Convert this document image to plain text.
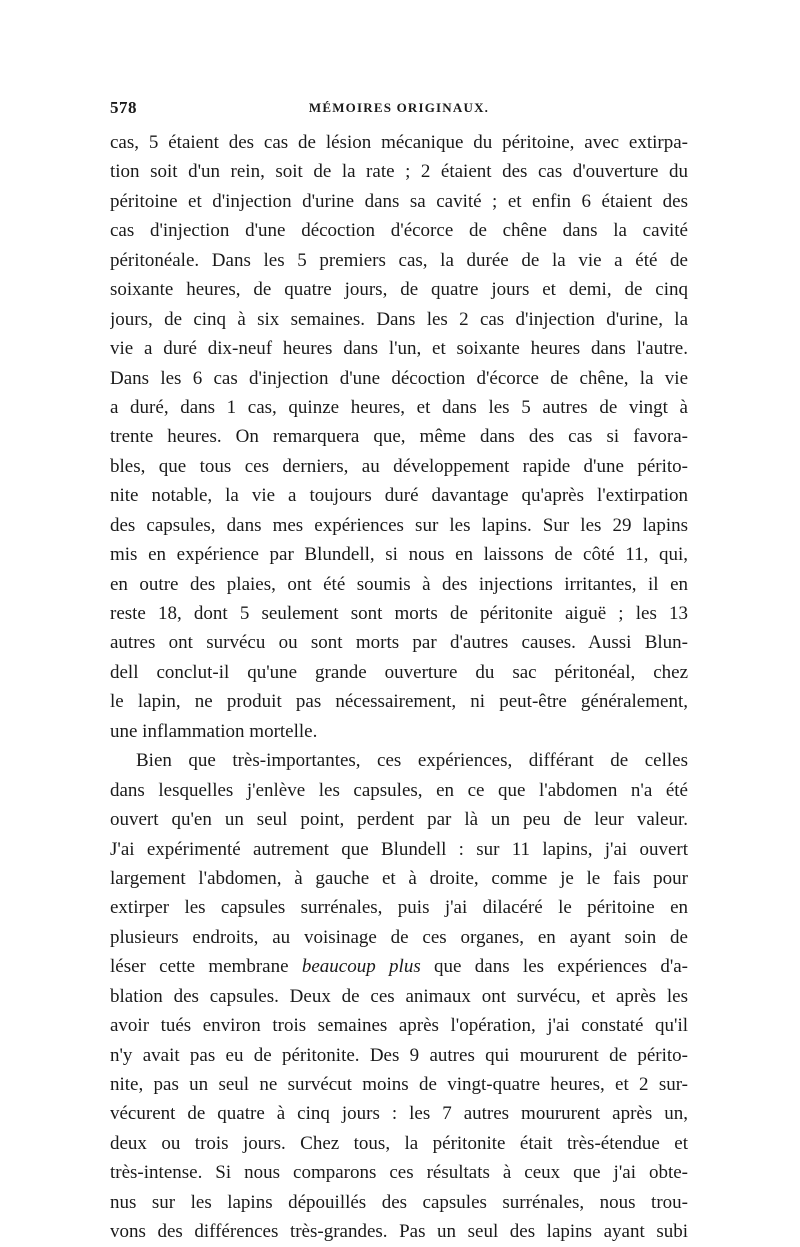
578	MÉMOIRES ORIGINAUX.
cas, 5 étaient des cas de lésion mécanique du péritoine, avec extirpa-
tion soit d'un rein, soit de la rate ; 2 étaient des cas d'ouverture du
péritoine et d'injection d'urine dans sa cavité ; et enfin 6 étaient des
cas d'injection d'une décoction d'écorce de chêne dans la cavité
péritonéale. Dans les 5 premiers cas, la durée de la vie a été de
soixante heures, de quatre jours, de quatre jours et demi, de cinq
jours, de cinq à six semaines. Dans les 2 cas d'injection d'urine, la
vie a duré dix-neuf heures dans l'un, et soixante heures dans l'autre.
Dans les 6 cas d'injection d'une décoction d'écorce de chêne, la vie
a duré, dans 1 cas, quinze heures, et dans les 5 autres de vingt à
trente heures. On remarquera que, même dans des cas si favora-
bles, que tous ces derniers, au développement rapide d'une périto-
nite notable, la vie a toujours duré davantage qu'après l'extirpation
des capsules, dans mes expériences sur les lapins. Sur les 29 lapins
mis en expérience par Blundell, si nous en laissons de côté 11, qui,
en outre des plaies, ont été soumis à des injections irritantes, il en
reste 18, dont 5 seulement sont morts de péritonite aiguë ; les 13
autres ont survécu ou sont morts par d'autres causes. Aussi Blun-
dell conclut-il qu'une grande ouverture du sac péritonéal, chez
le lapin, ne produit pas nécessairement, ni peut-être généralement,
une inflammation mortelle.
Bien que très-importantes, ces expériences, différant de celles
dans lesquelles j'enlève les capsules, en ce que l'abdomen n'a été
ouvert qu'en un seul point, perdent par là un peu de leur valeur.
J'ai expérimenté autrement que Blundell : sur 11 lapins, j'ai ouvert
largement l'abdomen, à gauche et à droite, comme je le fais pour
extirper les capsules surrénales, puis j'ai dilacéré le péritoine en
plusieurs endroits, au voisinage de ces organes, en ayant soin de
léser cette membrane beaucoup plus que dans les expériences d'a-
blation des capsules. Deux de ces animaux ont survécu, et après les
avoir tués environ trois semaines après l'opération, j'ai constaté qu'il
n'y avait pas eu de péritonite. Des 9 autres qui moururent de périto-
nite, pas un seul ne survécut moins de vingt-quatre heures, et 2 sur-
vécurent de quatre à cinq jours : les 7 autres moururent après un,
deux ou trois jours. Chez tous, la péritonite était très-étendue et
très-intense. Si nous comparons ces résultats à ceux que j'ai obte-
nus sur les lapins dépouillés des capsules surrénales, nous trou-
vons des différences très-grandes. Pas un seul des lapins ayant subi
